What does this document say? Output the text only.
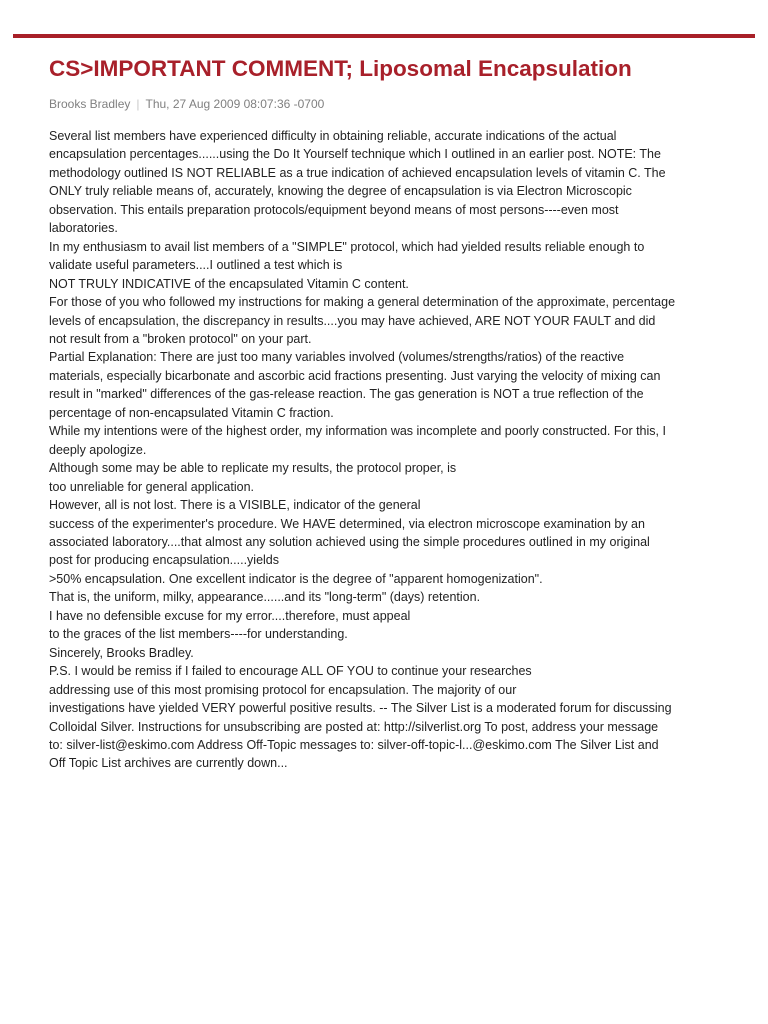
CS>IMPORTANT COMMENT; Liposomal Encapsulation
Brooks Bradley | Thu, 27 Aug 2009 08:07:36 -0700
Several list members have experienced difficulty in obtaining reliable, accurate indications of the actual
encapsulation percentages......using the Do It Yourself technique which I outlined in an earlier post. NOTE: The
methodology outlined IS NOT RELIABLE as a true indication of achieved encapsulation levels of vitamin C. The
ONLY truly reliable means of, accurately, knowing the degree of encapsulation is via Electron Microscopic
observation. This entails preparation protocols/equipment beyond means of most persons----even most
laboratories.
In my enthusiasm to avail list members of a "SIMPLE" protocol, which had yielded results reliable enough to
validate useful parameters....I outlined a test which is
NOT TRULY INDICATIVE of the encapsulated Vitamin C content.
For those of you who followed my instructions for making a general determination of the approximate, percentage
levels of encapsulation, the discrepancy in results....you may have achieved, ARE NOT YOUR FAULT and did
not result from a "broken protocol" on your part.
Partial Explanation: There are just too many variables involved (volumes/strengths/ratios) of the reactive
materials, especially bicarbonate and ascorbic acid fractions presenting. Just varying the velocity of mixing can
result in "marked" differences of the gas-release reaction. The gas generation is NOT a true reflection of the
percentage of non-encapsulated Vitamin C fraction.
While my intentions were of the highest order, my information was incomplete and poorly constructed. For this, I
deeply apologize.
Although some may be able to replicate my results, the protocol proper, is
too unreliable for general application.
However, all is not lost. There is a VISIBLE, indicator of the general
success of the experimenter's procedure. We HAVE determined, via electron microscope examination by an
associated laboratory....that almost any solution achieved using the simple procedures outlined in my original
post for producing encapsulation.....yields
>50% encapsulation. One excellent indicator is the degree of "apparent homogenization".
That is, the uniform, milky, appearance......and its "long-term" (days) retention.
I have no defensible excuse for my error....therefore, must appeal
to the graces of the list members----for understanding.
Sincerely, Brooks Bradley.
P.S. I would be remiss if I failed to encourage ALL OF YOU to continue your researches
addressing use of this most promising protocol for encapsulation. The majority of our
investigations have yielded VERY powerful positive results. -- The Silver List is a moderated forum for discussing
Colloidal Silver. Instructions for unsubscribing are posted at: http://silverlist.org To post, address your message
to: silver-list@eskimo.com Address Off-Topic messages to: silver-off-topic-l...@eskimo.com The Silver List and
Off Topic List archives are currently down...
